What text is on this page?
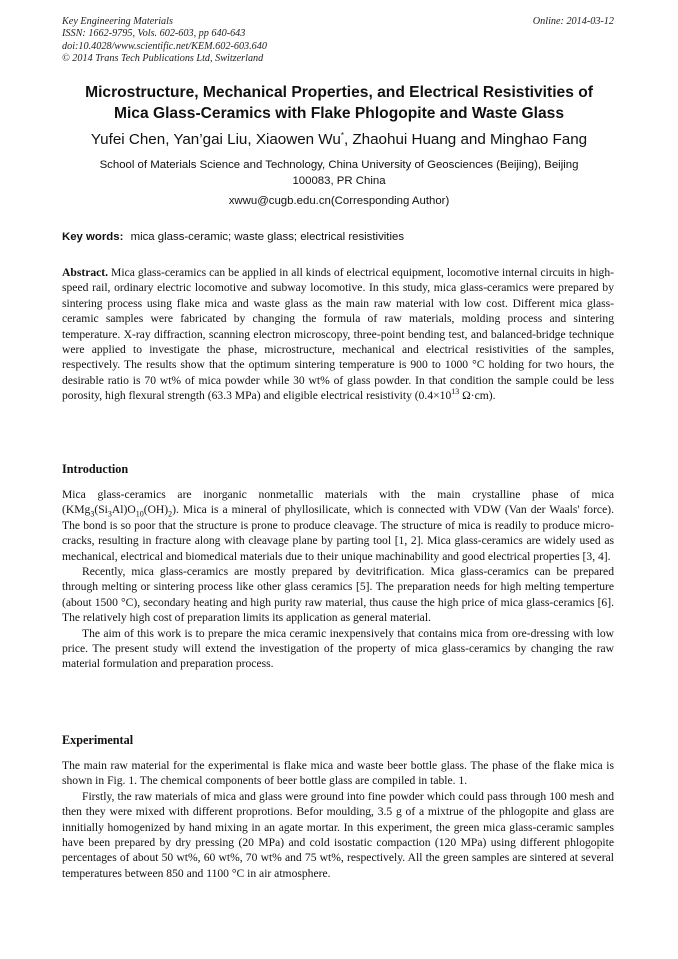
Key Engineering Materials
ISSN: 1662-9795, Vols. 602-603, pp 640-643
doi:10.4028/www.scientific.net/KEM.602-603.640
© 2014 Trans Tech Publications Ltd, Switzerland
Online: 2014-03-12
Microstructure, Mechanical Properties, and Electrical Resistivities of
Mica Glass-Ceramics with Flake Phlogopite and Waste Glass
Yufei Chen, Yan’gai Liu, Xiaowen Wu*, Zhaohui Huang and Minghao Fang
School of Materials Science and Technology, China University of Geosciences (Beijing), Beijing
100083, PR China
xwwu@cugb.edu.cn(Corresponding Author)
Key words: mica glass-ceramic; waste glass; electrical resistivities

Abstract. Mica glass-ceramics can be applied in all kinds of electrical equipment, locomotive internal circuits in high-speed rail, ordinary electric locomotive and subway locomotive. In this study, mica glass-ceramics were prepared by sintering process using flake mica and waste glass as the main raw material with low cost. Different mica glass-ceramic samples were fabricated by changing the formula of raw materials, molding process and sintering temperature. X-ray diffraction, scanning electron microscopy, three-point bending test, and balanced-bridge technique were applied to investigate the phase, microstructure, mechanical and electrical resistivities of the samples, respectively. The results show that the optimum sintering temperature is 900 to 1000 °C holding for two hours, the desirable ratio is 70 wt% of mica powder while 30 wt% of glass powder. In that condition the sample could be less porosity, high flexural strength (63.3 MPa) and eligible electrical resistivity ($0.4\times 10^{13}$ Ω·cm).

Introduction

Mica glass-ceramics are inorganic nonmetallic materials with the main crystalline phase of mica $(KMg_3(Si_3Al)O_{10}(OH)_2)$. Mica is a mineral of phyllosilicate, which is connected with VDW (Van der Waals' force). The bond is so poor that the structure is prone to produce cleavage. The structure of mica is readily to produce micro-cracks, resulting in fracture along with cleavage plane by parting tool [1, 2]. Mica glass-ceramics are widely used as mechanical, electrical and biomedical materials due to their unique machinability and good electrical properties [3, 4].

Recently, mica glass-ceramics are mostly prepared by devitrification. Mica glass-ceramics can be prepared through melting or sintering process like other glass ceramics [5]. The preparation needs for high melting temperture (about 1500 °C), secondary heating and high purity raw material, thus cause the high price of mica glass-ceramics [6]. The relatively high cost of preparation limits its application as general material.

The aim of this work is to prepare the mica ceramic inexpensively that contains mica from ore-dressing with low price. The present study will extend the investigation of the property of mica glass-ceramics by changing the raw material formulation and preparation process.

Experimental

The main raw material for the experimental is flake mica and waste beer bottle glass. The phase of the flake mica is shown in Fig. 1. The chemical components of beer bottle glass are compiled in table. 1.

Firstly, the raw materials of mica and glass were ground into fine powder which could pass through 100 mesh and then they were mixed with different proprotions. Befor moulding, 3.5 g of a mixtrue of the phlogopite and glass are innitially homogenized by hand mixing in an agate mortar. In this experiment, the green mica glass-ceramic samples have been prepared by dry pressing (20 MPa) and cold isostatic compaction (120 MPa) using different phlogopite percentages of about 50 wt%, 60 wt%, 70 wt% and 75 wt%, respectively. All the green samples are sintered at several temperatures between 850 and 1100 °C in air atmosphere.
